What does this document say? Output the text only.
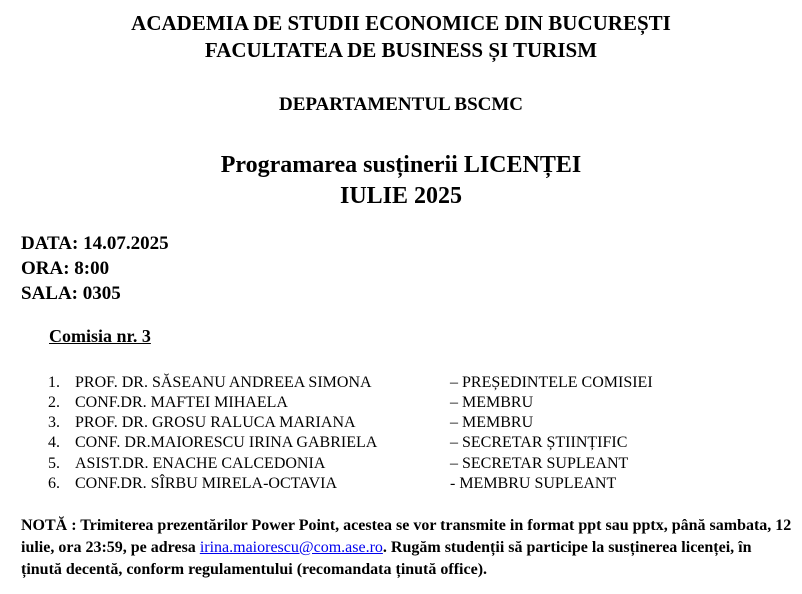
ACADEMIA DE STUDII ECONOMICE DIN BUCUREȘTI
FACULTATEA DE BUSINESS ȘI TURISM
DEPARTAMENTUL BSCMC
Programarea susținerii LICENȚEI
IULIE 2025
DATA: 14.07.2025
ORA: 8:00
SALA: 0305
Comisia nr. 3
1. PROF. DR. SĂSEANU ANDREEA SIMONA	– PREȘEDINTELE COMISIEI
2. CONF.DR. MAFTEI MIHAELA	– MEMBRU
3. PROF. DR. GROSU RALUCA MARIANA	– MEMBRU
4. CONF. DR.MAIORESCU IRINA GABRIELA	– SECRETAR ȘTIINȚIFIC
5. ASIST.DR. ENACHE CALCEDONIA	– SECRETAR SUPLEANT
6. CONF.DR. SÎRBU MIRELA-OCTAVIA	- MEMBRU SUPLEANT
NOTĂ : Trimiterea prezentărilor Power Point, acestea se vor transmite in format ppt sau pptx, până sambata, 12 iulie, ora 23:59, pe adresa irina.maiorescu@com.ase.ro. Rugăm studenții să participe la susținerea licenței, în ținută decentă, conform regulamentului (recomandata ținută office).
